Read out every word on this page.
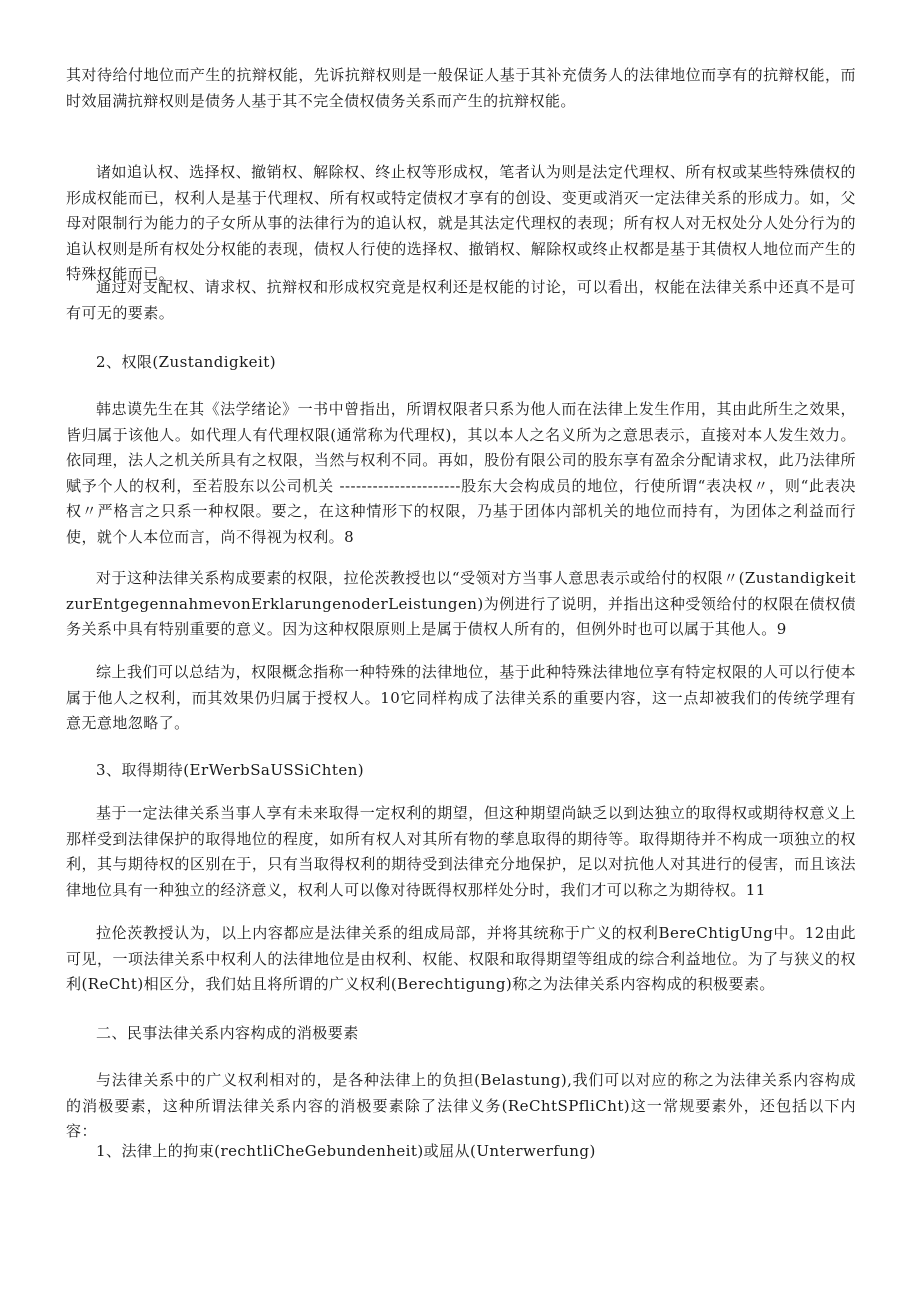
其对待给付地位而产生的抗辩权能，先诉抗辩权则是一般保证人基于其补充债务人的法律地位而享有的抗辩权能，而时效届满抗辩权则是债务人基于其不完全债权债务关系而产生的抗辩权能。

诸如追认权、选择权、撤销权、解除权、终止权等形成权，笔者认为则是法定代理权、所有权或某些特殊债权的形成权能而已，权利人是基于代理权、所有权或特定债权才享有的创设、变更或消灭一定法律关系的形成力。如，父母对限制行为能力的子女所从事的法律行为的追认权，就是其法定代理权的表现；所有权人对无权处分人处分行为的追认权则是所有权处分权能的表现，债权人行使的选择权、撤销权、解除权或终止权都是基于其债权人地位而产生的特殊权能而已。

通过对支配权、请求权、抗辩权和形成权究竟是权利还是权能的讨论，可以看出，权能在法律关系中还真不是可有可无的要素。

2、权限(Zustandigkeit)

韩忠谟先生在其《法学绪论》一书中曾指出，所谓权限者只系为他人而在法律上发生作用，其由此所生之效果，皆归属于该他人。如代理人有代理权限(通常称为代理权)，其以本人之名义所为之意思表示，直接对本人发生效力。依同理，法人之机关所具有之权限，当然与权利不同。再如，股份有限公司的股东享有盈余分配请求权，此乃法律所赋予个人的权利，至若股东以公司机关 ----------------------股东大会构成员的地位，行使所谓“表决权〃，则“此表决权〃严格言之只系一种权限。要之，在这种情形下的权限，乃基于团体内部机关的地位而持有，为团体之利益而行使，就个人本位而言，尚不得视为权利。8

对于这种法律关系构成要素的权限，拉伦茨教授也以“受领对方当事人意思表示或给付的权限〃(ZustandigkeitzurEntgegennahmevonErklarungenoderLeistungen)为例进行了说明，并指出这种受领给付的权限在债权债务关系中具有特别重要的意义。因为这种权限原则上是属于债权人所有的，但例外时也可以属于其他人。9

综上我们可以总结为，权限概念指称一种特殊的法律地位，基于此种特殊法律地位享有特定权限的人可以行使本属于他人之权利，而其效果仍归属于授权人。10它同样构成了法律关系的重要内容，这一点却被我们的传统学理有意无意地忽略了。

3、取得期待(ErWerbSaUSSiChten)

基于一定法律关系当事人享有未来取得一定权利的期望，但这种期望尚缺乏以到达独立的取得权或期待权意义上那样受到法律保护的取得地位的程度，如所有权人对其所有物的孳息取得的期待等。取得期待并不构成一项独立的权利，其与期待权的区别在于，只有当取得权利的期待受到法律充分地保护，足以对抗他人对其进行的侵害，而且该法律地位具有一种独立的经济意义，权利人可以像对待既得权那样处分时，我们才可以称之为期待权。11

拉伦茨教授认为，以上内容都应是法律关系的组成局部，并将其统称于广义的权利BereChtigUng中。12由此可见，一项法律关系中权利人的法律地位是由权利、权能、权限和取得期望等组成的综合利益地位。为了与狭义的权利(ReCht)相区分，我们姑且将所谓的广义权利(Berechtigung)称之为法律关系内容构成的积极要素。

二、民事法律关系内容构成的消极要素

与法律关系中的广义权利相对的，是各种法律上的负担(Belastung),我们可以对应的称之为法律关系内容构成的消极要素，这种所谓法律关系内容的消极要素除了法律义务(ReChtSPfliCht)这一常规要素外，还包括以下内容：

1、法律上的拘束(rechtliCheGebundenheit)或屈从(Unterwerfung)
